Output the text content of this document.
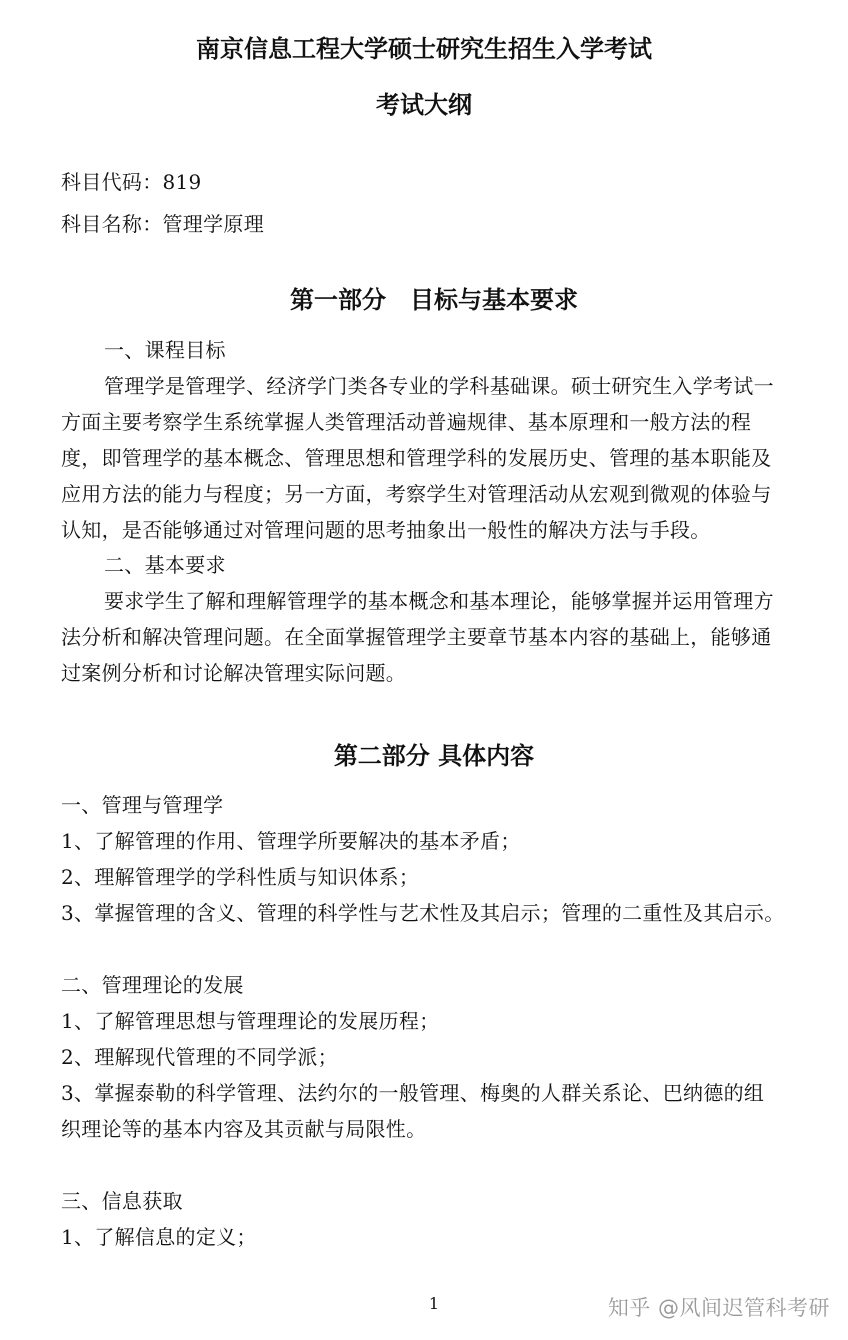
南京信息工程大学硕士研究生招生入学考试
考试大纲
科目代码：819
科目名称：管理学原理
第一部分　目标与基本要求
一、课程目标
管理学是管理学、经济学门类各专业的学科基础课。硕士研究生入学考试一
方面主要考察学生系统掌握人类管理活动普遍规律、基本原理和一般方法的程
度，即管理学的基本概念、管理思想和管理学科的发展历史、管理的基本职能及
应用方法的能力与程度；另一方面，考察学生对管理活动从宏观到微观的体验与
认知，是否能够通过对管理问题的思考抽象出一般性的解决方法与手段。
二、基本要求
要求学生了解和理解管理学的基本概念和基本理论，能够掌握并运用管理方
法分析和解决管理问题。在全面掌握管理学主要章节基本内容的基础上，能够通
过案例分析和讨论解决管理实际问题。
第二部分 具体内容
一、管理与管理学
1、了解管理的作用、管理学所要解决的基本矛盾；
2、理解管理学的学科性质与知识体系；
3、掌握管理的含义、管理的科学性与艺术性及其启示；管理的二重性及其启示。
二、管理理论的发展
1、了解管理思想与管理理论的发展历程；
2、理解现代管理的不同学派；
3、掌握泰勒的科学管理、法约尔的一般管理、梅奥的人群关系论、巴纳德的组
织理论等的基本内容及其贡献与局限性。
三、信息获取
1、了解信息的定义；
1	知乎 @风间迟管科考研
